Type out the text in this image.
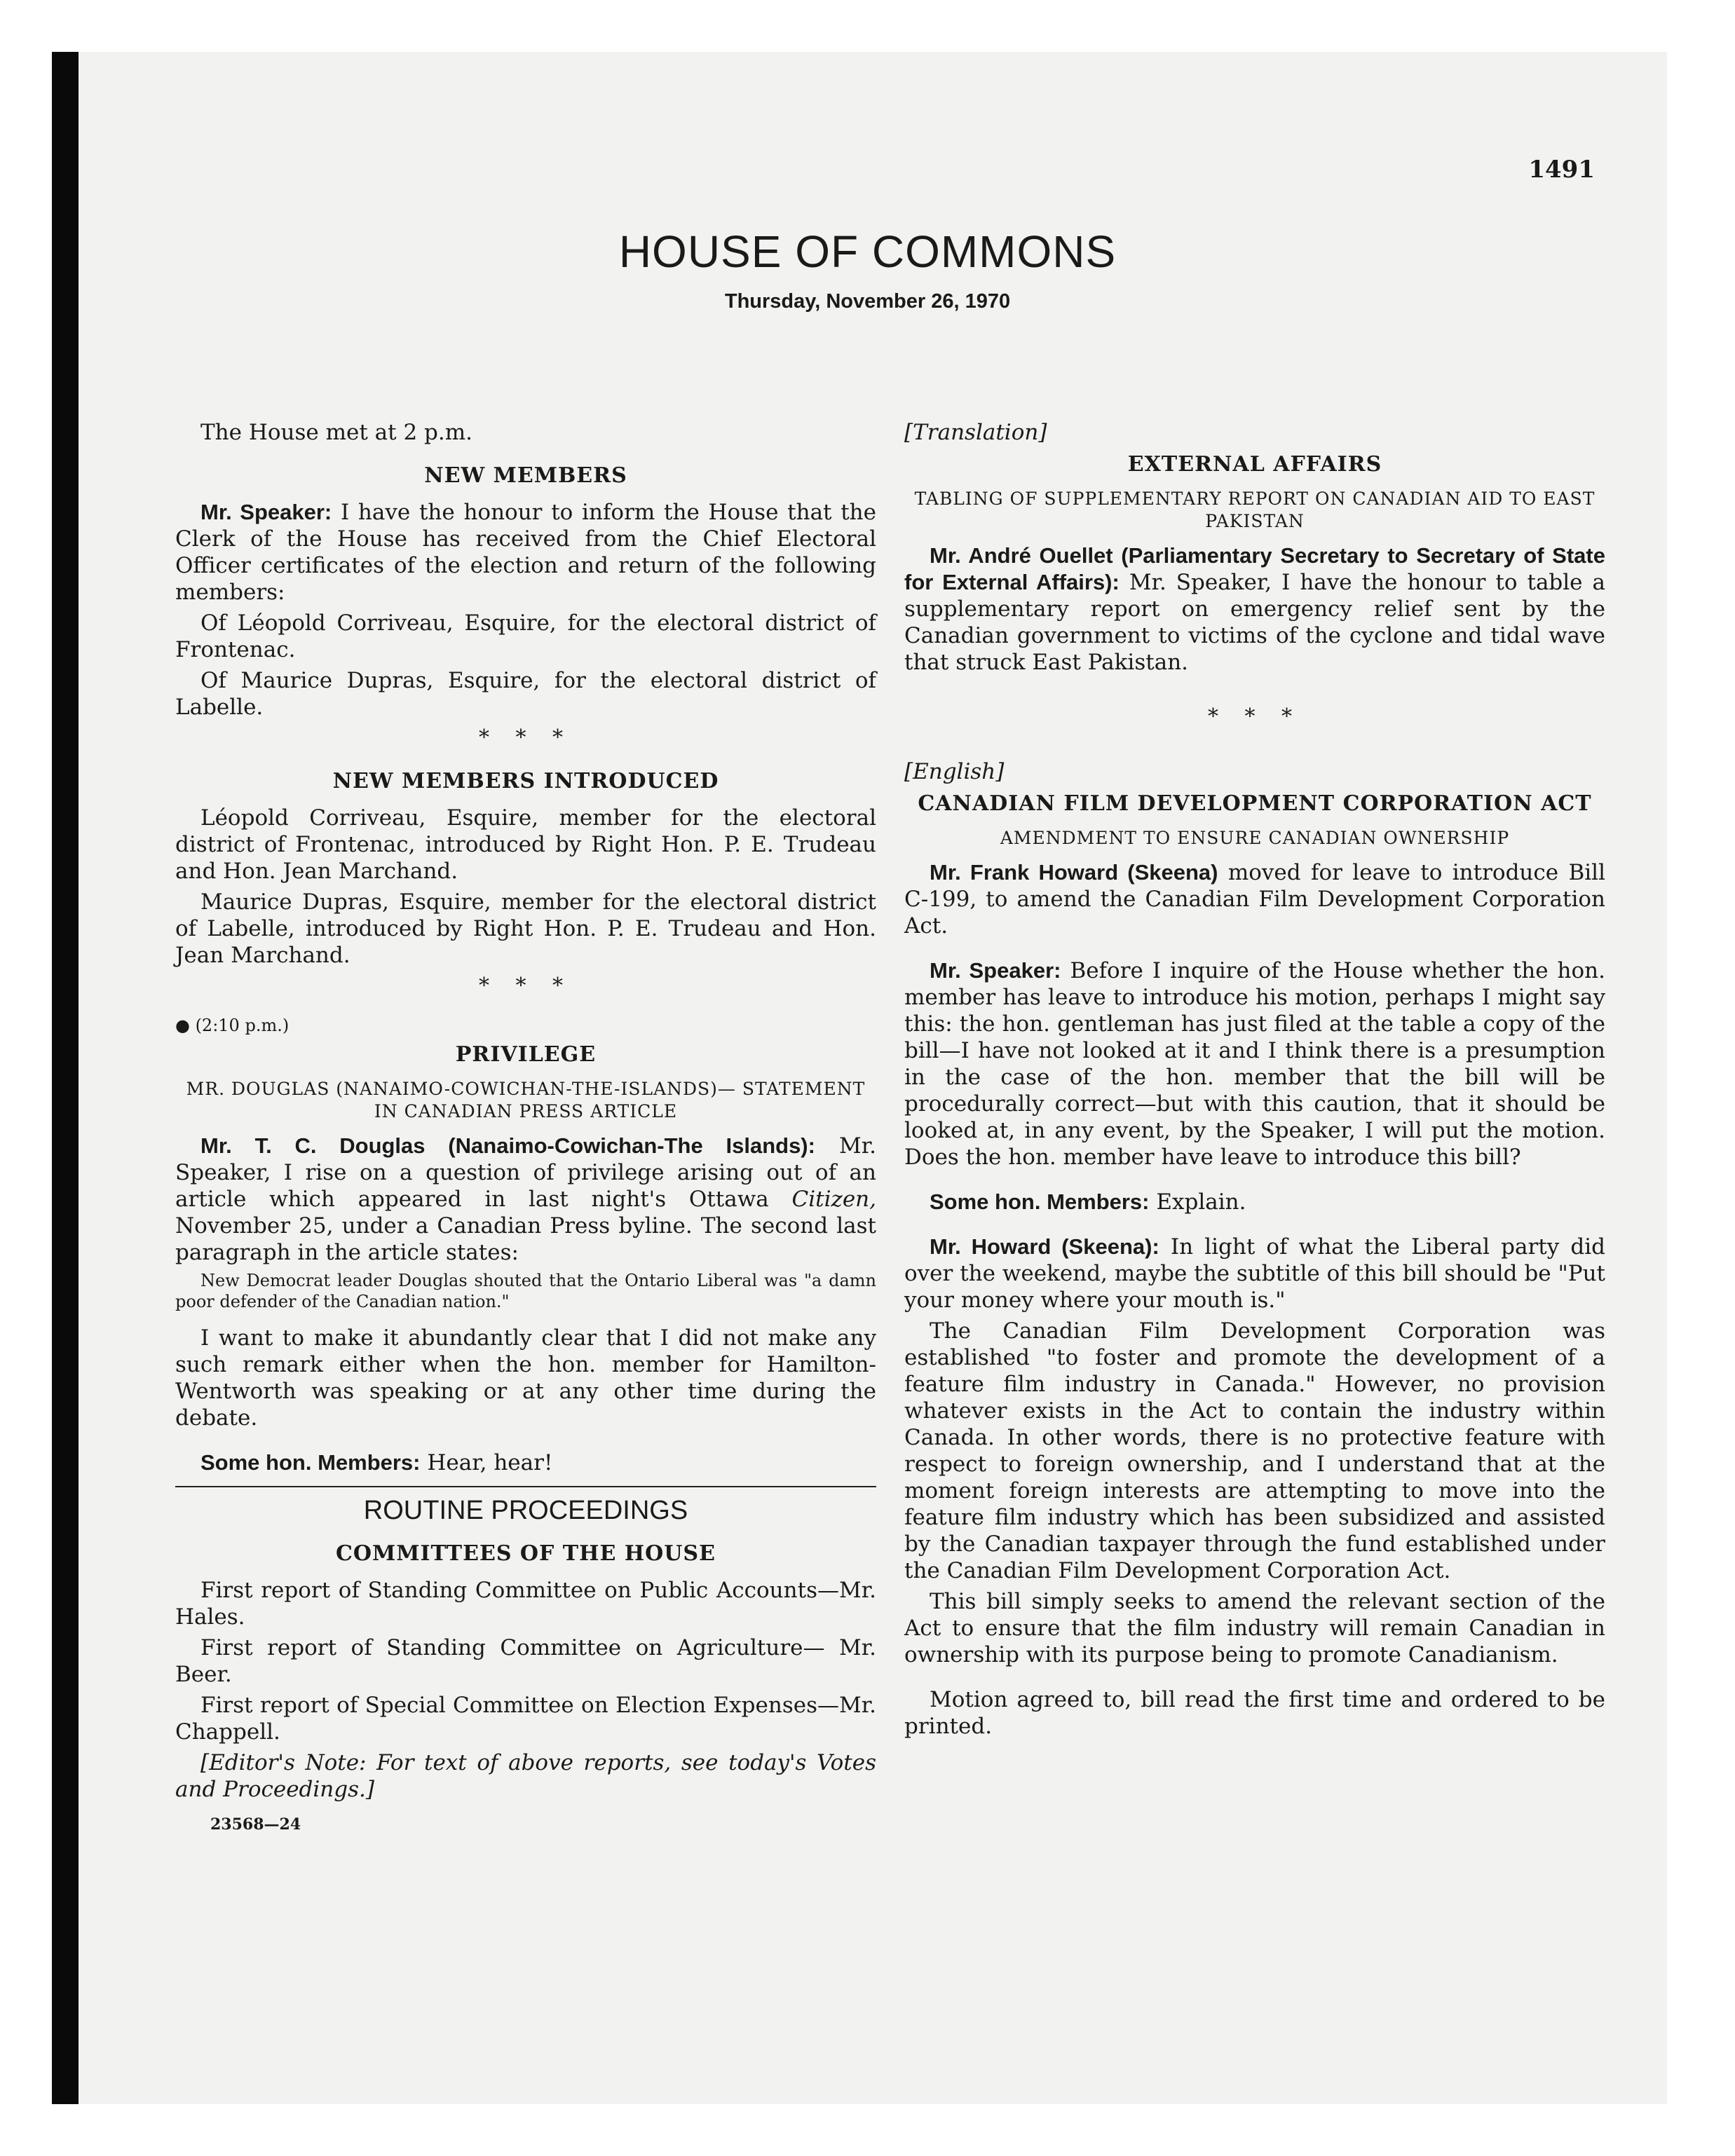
1491
HOUSE OF COMMONS
Thursday, November 26, 1970

The House met at 2 p.m.

NEW MEMBERS

Mr. Speaker: I have the honour to inform the House that the Clerk of the House has received from the Chief Electoral Officer certificates of the election and return of the following members:

Of Léopold Corriveau, Esquire, for the electoral district of Frontenac.

Of Maurice Dupras, Esquire, for the electoral district of Labelle.

* * *
NEW MEMBERS INTRODUCED

Léopold Corriveau, Esquire, member for the electoral district of Frontenac, introduced by Right Hon. P. E. Trudeau and Hon. Jean Marchand.

Maurice Dupras, Esquire, member for the electoral district of Labelle, introduced by Right Hon. P. E. Trudeau and Hon. Jean Marchand.

* * *
● (2:10 p.m.)
PRIVILEGE
MR. DOUGLAS (NANAIMO-COWICHAN-THE-ISLANDS)— STATEMENT IN CANADIAN PRESS ARTICLE

Mr. T. C. Douglas (Nanaimo-Cowichan-The Islands): Mr. Speaker, I rise on a question of privilege arising out of an article which appeared in last night's Ottawa Citizen, November 25, under a Canadian Press byline. The second last paragraph in the article states:

New Democrat leader Douglas shouted that the Ontario Liberal was "a damn poor defender of the Canadian nation."

I want to make it abundantly clear that I did not make any such remark either when the hon. member for Hamilton-Wentworth was speaking or at any other time during the debate.

Some hon. Members: Hear, hear!

ROUTINE PROCEEDINGS
COMMITTEES OF THE HOUSE

First report of Standing Committee on Public Accounts—Mr. Hales.

First report of Standing Committee on Agriculture— Mr. Beer.

First report of Special Committee on Election Expenses—Mr. Chappell.

[Editor's Note: For text of above reports, see today's Votes and Proceedings.]

23568—24

[Translation]

EXTERNAL AFFAIRS
TABLING OF SUPPLEMENTARY REPORT ON CANADIAN AID TO EAST PAKISTAN

Mr. André Ouellet (Parliamentary Secretary to Secretary of State for External Affairs): Mr. Speaker, I have the honour to table a supplementary report on emergency relief sent by the Canadian government to victims of the cyclone and tidal wave that struck East Pakistan.

* * *

[English]

CANADIAN FILM DEVELOPMENT CORPORATION ACT
AMENDMENT TO ENSURE CANADIAN OWNERSHIP

Mr. Frank Howard (Skeena) moved for leave to introduce Bill C-199, to amend the Canadian Film Development Corporation Act.

Mr. Speaker: Before I inquire of the House whether the hon. member has leave to introduce his motion, perhaps I might say this: the hon. gentleman has just filed at the table a copy of the bill—I have not looked at it and I think there is a presumption in the case of the hon. member that the bill will be procedurally correct—but with this caution, that it should be looked at, in any event, by the Speaker, I will put the motion. Does the hon. member have leave to introduce this bill?

Some hon. Members: Explain.

Mr. Howard (Skeena): In light of what the Liberal party did over the weekend, maybe the subtitle of this bill should be "Put your money where your mouth is."

The Canadian Film Development Corporation was established "to foster and promote the development of a feature film industry in Canada." However, no provision whatever exists in the Act to contain the industry within Canada. In other words, there is no protective feature with respect to foreign ownership, and I understand that at the moment foreign interests are attempting to move into the feature film industry which has been subsidized and assisted by the Canadian taxpayer through the fund established under the Canadian Film Development Corporation Act.

This bill simply seeks to amend the relevant section of the Act to ensure that the film industry will remain Canadian in ownership with its purpose being to promote Canadianism.

Motion agreed to, bill read the first time and ordered to be printed.
